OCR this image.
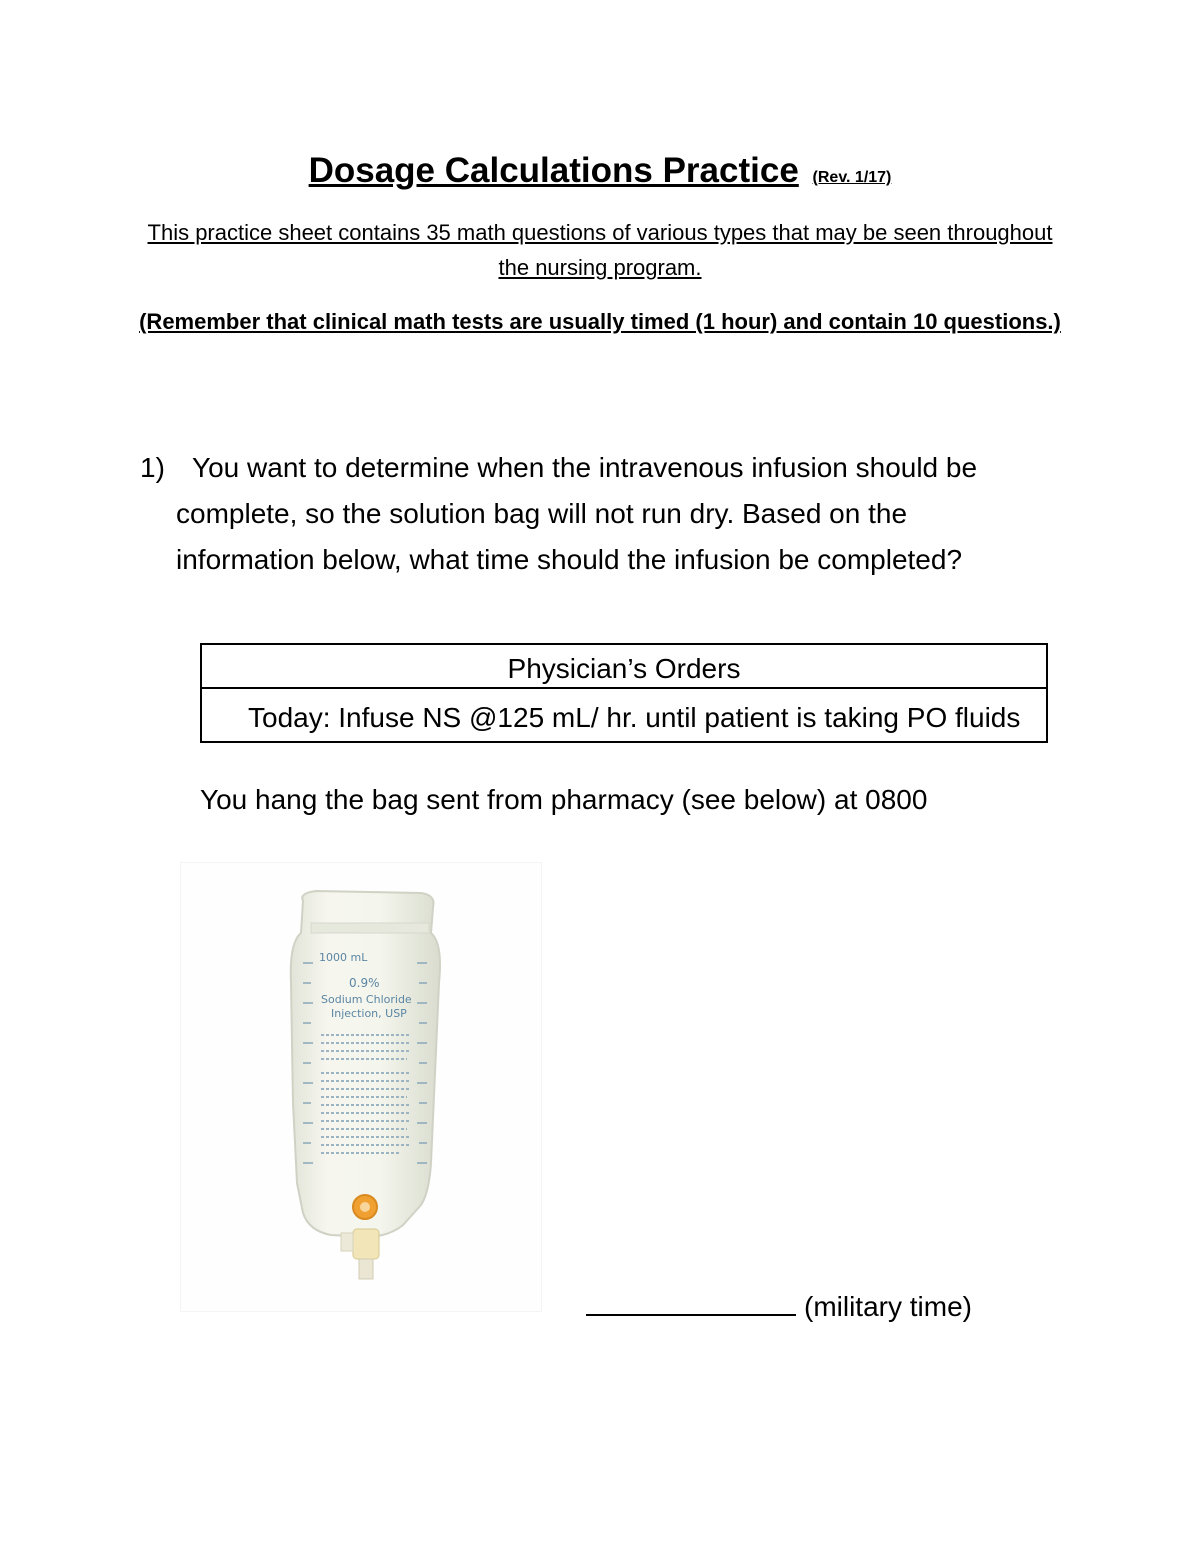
Dosage Calculations Practice (Rev. 1/17)
This practice sheet contains 35 math questions of various types that may be seen throughout the nursing program.
(Remember that clinical math tests are usually timed (1 hour) and contain 10 questions.)
1) You want to determine when the intravenous infusion should be complete, so the solution bag will not run dry. Based on the information below, what time should the infusion be completed?
Physician’s Orders
Today: Infuse NS @125 mL/ hr. until patient is taking PO fluids
You hang the bag sent from pharmacy (see below) at 0800
1000 mL
0.9%
Sodium Chloride
Injection, USP
(military time)
